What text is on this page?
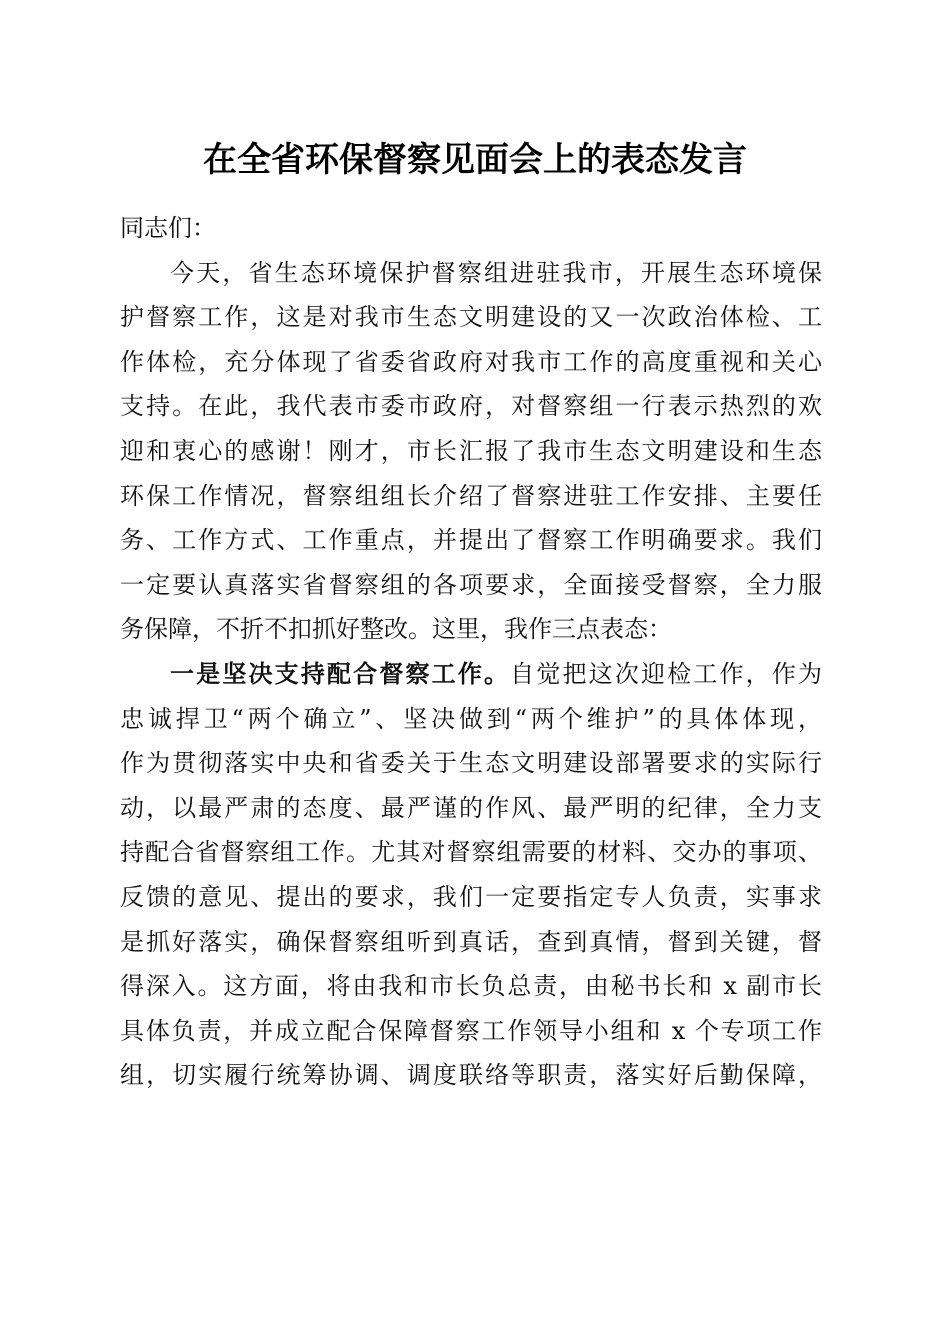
在全省环保督察见面会上的表态发言
同志们：
今天，省生态环境保护督察组进驻我市，开展生态环境保
护督察工作，这是对我市生态文明建设的又一次政治体检、工
作体检，充分体现了省委省政府对我市工作的高度重视和关心
支持。在此，我代表市委市政府，对督察组一行表示热烈的欢
迎和衷心的感谢！刚才，市长汇报了我市生态文明建设和生态
环保工作情况，督察组组长介绍了督察进驻工作安排、主要任
务、工作方式、工作重点，并提出了督察工作明确要求。我们
一定要认真落实省督察组的各项要求，全面接受督察，全力服
务保障，不折不扣抓好整改。这里，我作三点表态：
一是坚决支持配合督察工作。自觉把这次迎检工作，作为
忠诚捍卫“两个确立”、坚决做到“两个维护”的具体体现，
作为贯彻落实中央和省委关于生态文明建设部署要求的实际行
动，以最严肃的态度、最严谨的作风、最严明的纪律，全力支
持配合省督察组工作。尤其对督察组需要的材料、交办的事项、
反馈的意见、提出的要求，我们一定要指定专人负责，实事求
是抓好落实，确保督察组听到真话，查到真情，督到关键，督
得深入。这方面，将由我和市长负总责，由秘书长和 x 副市长
具体负责，并成立配合保障督察工作领导小组和 x 个专项工作
组，切实履行统筹协调、调度联络等职责，落实好后勤保障，
